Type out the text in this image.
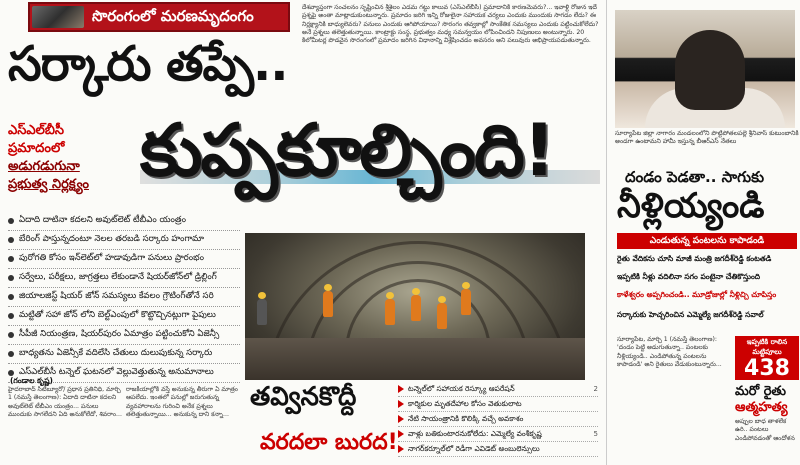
సొరంగంలో మరణమృదంగం	దేశవ్యాప్తంగా సంచలనం సృష్టించిన శ్రీశైలం ఎడమ గట్టు కాలువ (ఎస్‌ఎల్‌బీసీ) ప్రమాదానికి కారణమెవరు?... ఇవాళ్టి రోజున ఇదే ప్రశ్నపై అంతా మాట్లాడుకుంటున్నారు. ప్రమాదం జరిగి ఇన్ని రోజులైనా సహాయక చర్యలు ఎందుకు ముందుకు సాగడం లేదు? ఈ నిర్లక్ష్యానికి బాధ్యులెవరు? పనులు ఎందుకు ఆగిపోయాయి? సొరంగం తవ్వకాల్లో సాంకేతిక సమస్యలు ఎందుకు పట్టించుకోలేదు? అనే ప్రశ్నలు తలెత్తుతున్నాయి. కాంట్రాక్టు సంస్థ, ప్రభుత్వం మధ్య సమన్వయం లోపించిందని నిపుణులు అంటున్నారు. 20 కిలోమీటర్ల పొడవైన సొరంగంలో ప్రమాదం జరిగిన విధానాన్ని విశ్లేషించడం అవసరం అని పలువురు అభిప్రాయపడుతున్నారు.
సర్కారు తప్పే..
ఎస్‌ఎల్‌బీసీ
ప్రమాదంలో
అడుగడుగునా
ప్రభుత్వ నిర్లక్ష్యం కుప్పకూల్చింది!
ఏదాది దాటినా కదలని అవుట్‌లెట్ టీబీఎం యంత్రం
బేరింగ్ పాస్తున్నదంటూ నెలల తరబడి సర్కారు హంగామా
పురోగతి కోసం ఇన్‌లెట్‌లో హడావుడిగా పనులు ప్రారంభం
సర్వేలు, పరీక్షలు, జాగ్రత్తలు లేకుండానే షియర్‌జోన్‌లో డ్రిల్లింగ్
జియాలజిస్ట్ షియర్ జోన్ సమస్యలు కేవలం గ్రౌటింగ్‌తోనే సరి
మట్టితో సహా జోన్ లోని బెల్ట్‌ఎంపులో కొట్టొచ్చినట్లుగా పైపులు
సీపీజీ నియంత్రణ, షియర్‌పురం ఏమాత్రం పట్టించుకోని ఏజెన్సీ
బాధ్యతను ఏజెన్సీకే వదిలేసి చేతులు దులుపుకున్న సర్కారు
ఎస్‌ఎల్‌బీసీ టన్నెల్ ఘటనలో వెల్లువెత్తుతున్న అనుమానాలు
(గండాల కృష్ణ)
హైదరాబాద్ సిటీబ్యూరో/ ప్రధాన ప్రతినిధి, మార్చి 1 (నమస్తే తెలంగాణ): ఏదాది దాటినా కదలని అవుట్‌లెట్ టీబీఎం యంత్రం... పనులు ముందుకు సాగలేదని ఏది అనుకోలేదో, శివరాం...
రాజకీయాల్లోకి వస్తే అనుకున్న తీరుగా ఏ మాత్రం ఆపలేదు. ఇంతలో పనుల్లో జరుగుతున్న వ్యవహారాలను గురించి అనేక ప్రశ్నలు తలెత్తుతున్నాయి... అనుకున్న దాని కన్నా...
తవ్వినకొద్దీ
వరదలా బురద!
టన్నెల్‌లో సహాయక రెస్క్యూ ఆపరేషన్	2
కార్మికుల మృతదేహాల కోసం వెతుకులాట
నేటి సాయంత్రానికి కొలిక్కి వచ్చే అవకాశం
వాళ్లు బతికుంటారనుకోలేదు: ఎమ్మెల్యే వంశీకృష్ణ	5
నాగర్‌కర్నూల్‌లో రెడీగా ఎవిడెట్ అంబులెన్సులు
సూర్యాపేట జిల్లా నాగారం మండలంలోని పొట్టిపోతలపల్లె శ్రీనివాస్ కుటుంబానికి అండగా ఉంటామని హామీ ఇస్తున్న బీఆర్‌ఎస్ నేతలు
దండం పెడతా.. సాగుకు
నీళ్లియ్యండి
ఎండుతున్న పంటలను కాపాడండి
రైతు వేదికను చూసి మాజీ మంత్రి జగదీశ్‌రెడ్డి కంటతడి
ఇప్పటికి నీళ్లు వదిలినా సగం పంటైనా చేతికొస్తుంది
కాళేశ్వరం అప్పగించండి.. మూడ్రోజుల్లో నీళ్లిచ్చి చూపిస్తం
సర్కారుకు హెచ్చరించిన ఎమ్మెల్యే జగదీశ్‌రెడ్డి సవాల్
సూర్యాపేట, మార్చి 1 (నమస్తే తెలంగాణ): 'దండం పెట్టి అడుగుతున్నా.. పంటలకు నీళ్లియ్యండి.. ఎండిపోతున్న పంటలను కాపాడండి' అని రైతులు వేడుకుంటున్నారు...
ఇప్పటికి రాలిన మట్టిపూలు
438
మరో రైతు
ఆత్మహత్య
అప్పుల బాధ తాళలేక ఉరి.. పంటలు ఎండిపోవడంతో ఆందోళన
